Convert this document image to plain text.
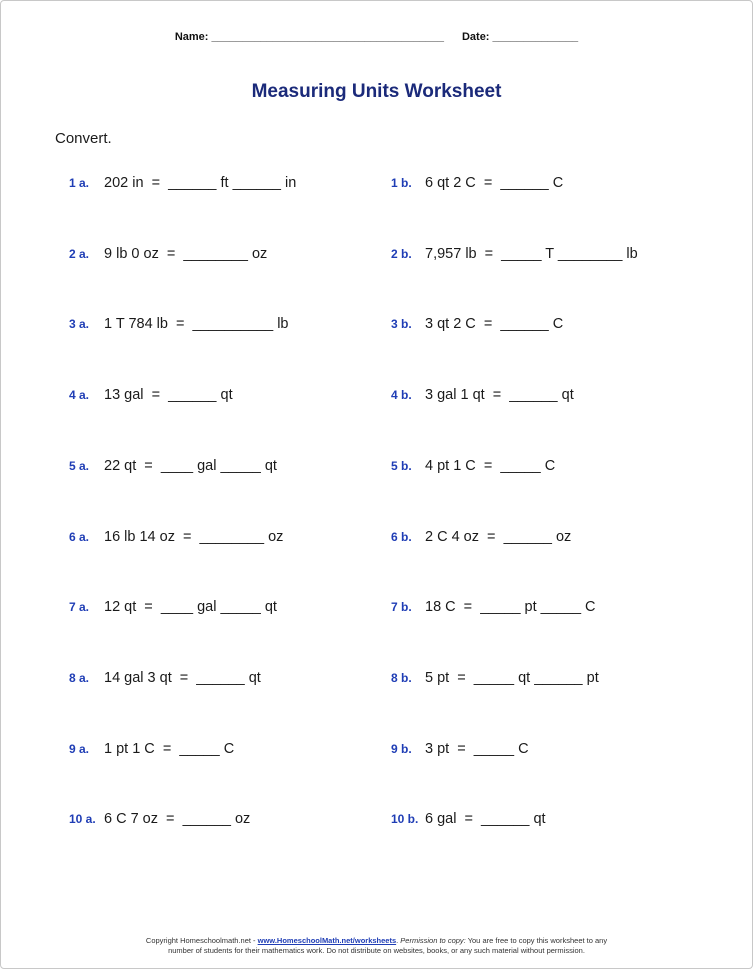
Name: ______________________________________ Date: ______________
Measuring Units Worksheet
Convert.
1 a. 202 in  =  ______ ft ______ in
2 a. 9 lb 0 oz  =  ________ oz
3 a. 1 T 784 lb  =  __________ lb
4 a. 13 gal  =  ______ qt
5 a. 22 qt  =  ____ gal _____ qt
6 a. 16 lb 14 oz  =  ________ oz
7 a. 12 qt  =  ____ gal _____ qt
8 a. 14 gal 3 qt  =  ______ qt
9 a. 1 pt 1 C  =  _____ C
10 a. 6 C 7 oz  =  ______ oz
1 b. 6 qt 2 C  =  ______ C
2 b. 7,957 lb  =  _____ T ________ lb
3 b. 3 qt 2 C  =  ______ C
4 b. 3 gal 1 qt  =  ______ qt
5 b. 4 pt 1 C  =  _____ C
6 b. 2 C 4 oz  =  ______ oz
7 b. 18 C  =  _____ pt _____ C
8 b. 5 pt  =  _____ qt ______ pt
9 b. 3 pt  =  _____ C
10 b. 6 gal  =  ______ qt
Copyright Homeschoolmath.net - www.HomeschoolMath.net/worksheets. Permission to copy: You are free to copy this worksheet to any
number of students for their mathematics work. Do not distribute on websites, books, or any such material without permission.
